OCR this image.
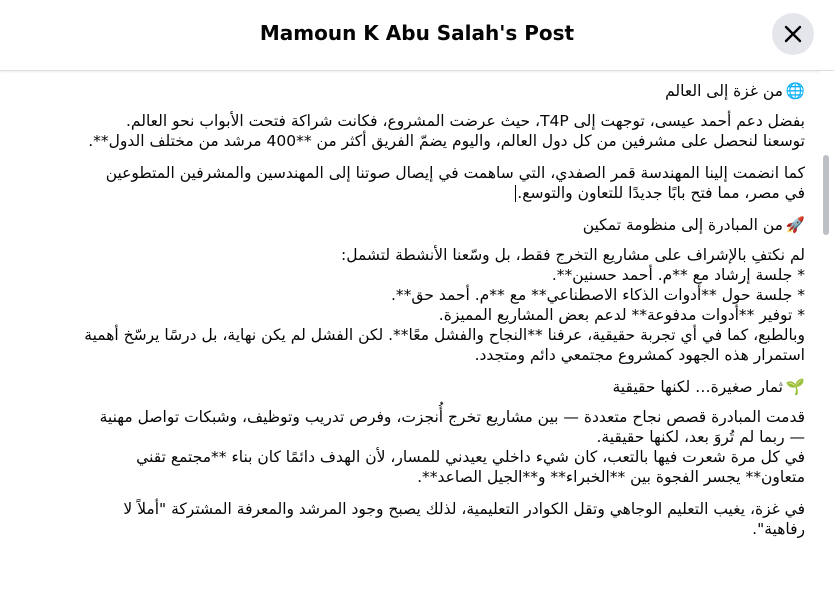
Mamoun K Abu Salah's Post
🌐من غزة إلى العالم
بفضل دعم أحمد عيسى، توجهت إلى T4P، حيث عرضت المشروع، فكانت شراكة فتحت الأبواب نحو العالم.
توسعنا لنحصل على مشرفين من كل دول العالم، واليوم يضمّ الفريق أكثر من **400 مرشد من مختلف الدول**.
كما انضمت إلينا المهندسة قمر الصفدي، التي ساهمت في إيصال صوتنا إلى المهندسين والمشرفين المتطوعين
في مصر، مما فتح بابًا جديدًا للتعاون والتوسع.
🚀من المبادرة إلى منظومة تمكين
لم نكتفِ بالإشراف على مشاريع التخرج فقط، بل وسّعنا الأنشطة لتشمل:
* جلسة إرشاد مع **م. أحمد حسنين**.
* جلسة حول **أدوات الذكاء الاصطناعي** مع **م. أحمد حق**.
* توفير **أدوات مدفوعة** لدعم بعض المشاريع المميزة.
وبالطبع، كما في أي تجربة حقيقية، عرفنا **النجاح والفشل معًا**. لكن الفشل لم يكن نهاية، بل درسًا يرسّخ أهمية
استمرار هذه الجهود كمشروع مجتمعي دائم ومتجدد.
🌱ثمار صغيرة… لكنها حقيقية
قدمت المبادرة قصص نجاح متعددة — بين مشاريع تخرج أُنجزت، وفرص تدريب وتوظيف، وشبكات تواصل مهنية
— ربما لم تُروَ بعد، لكنها حقيقية.
في كل مرة شعرت فيها بالتعب، كان شيء داخلي يعيدني للمسار، لأن الهدف دائمًا كان بناء **مجتمع تقني
متعاون** يجسر الفجوة بين **الخبراء** و**الجيل الصاعد**.
في غزة، يغيب التعليم الوجاهي وتقل الكوادر التعليمية، لذلك يصبح وجود المرشد والمعرفة المشتركة "أملاً لا
رفاهية".
